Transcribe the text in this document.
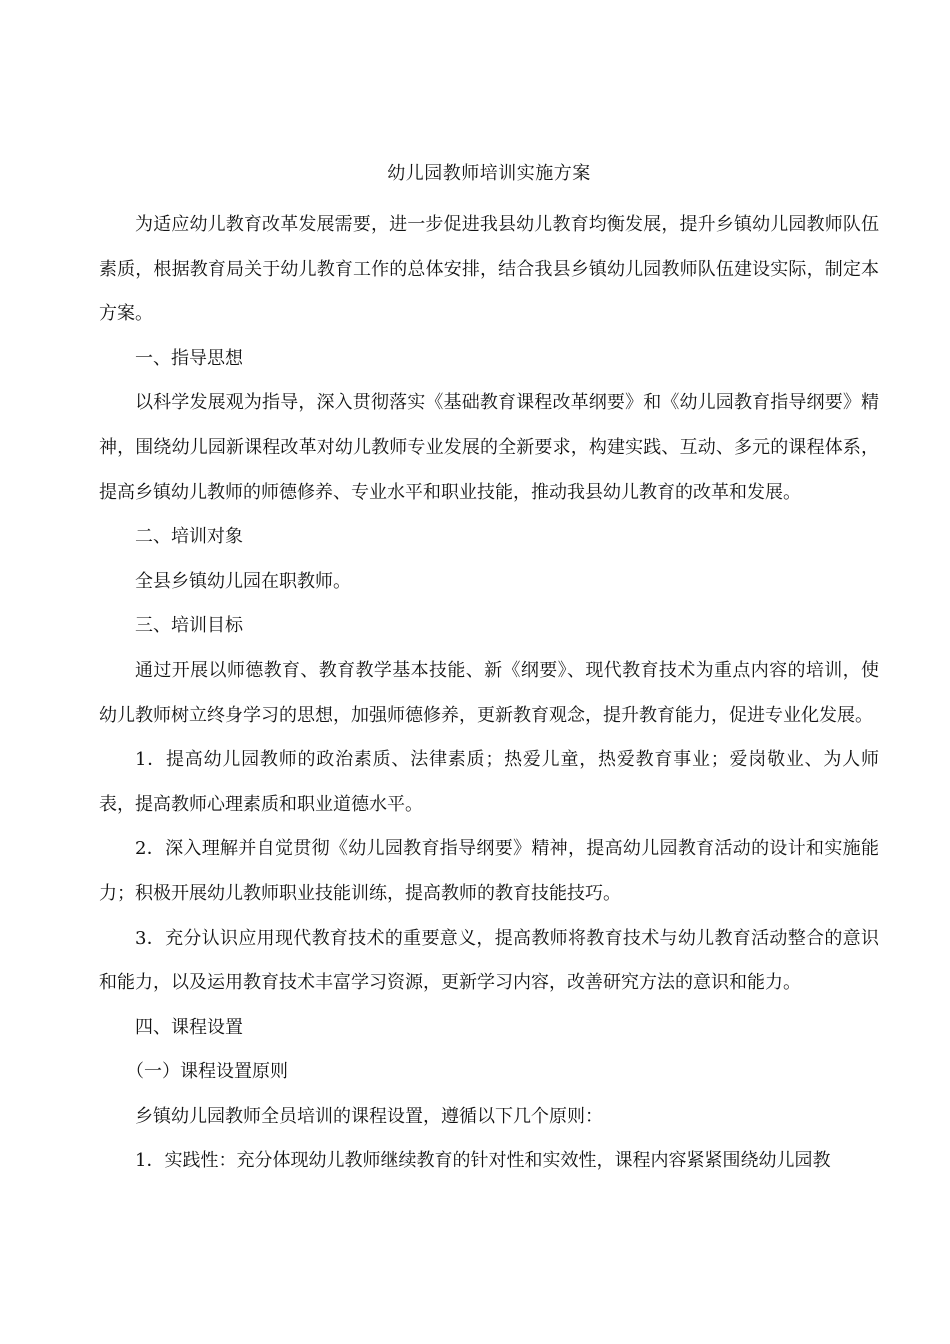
幼儿园教师培训实施方案

为适应幼儿教育改革发展需要，进一步促进我县幼儿教育均衡发展，提升乡镇幼儿园教师队伍素质，根据教育局关于幼儿教育工作的总体安排，结合我县乡镇幼儿园教师队伍建设实际，制定本方案。

一、指导思想

以科学发展观为指导，深入贯彻落实《基础教育课程改革纲要》和《幼儿园教育指导纲要》精神，围绕幼儿园新课程改革对幼儿教师专业发展的全新要求，构建实践、互动、多元的课程体系，提高乡镇幼儿教师的师德修养、专业水平和职业技能，推动我县幼儿教育的改革和发展。

二、培训对象

全县乡镇幼儿园在职教师。

三、培训目标

通过开展以师德教育、教育教学基本技能、新《纲要》、现代教育技术为重点内容的培训，使幼儿教师树立终身学习的思想，加强师德修养，更新教育观念，提升教育能力，促进专业化发展。

1．提高幼儿园教师的政治素质、法律素质；热爱儿童，热爱教育事业；爱岗敬业、为人师表，提高教师心理素质和职业道德水平。

2．深入理解并自觉贯彻《幼儿园教育指导纲要》精神，提高幼儿园教育活动的设计和实施能力；积极开展幼儿教师职业技能训练，提高教师的教育技能技巧。

3．充分认识应用现代教育技术的重要意义，提高教师将教育技术与幼儿教育活动整合的意识和能力，以及运用教育技术丰富学习资源，更新学习内容，改善研究方法的意识和能力。

四、课程设置

（一）课程设置原则

乡镇幼儿园教师全员培训的课程设置，遵循以下几个原则：

1．实践性：充分体现幼儿教师继续教育的针对性和实效性，课程内容紧紧围绕幼儿园教
